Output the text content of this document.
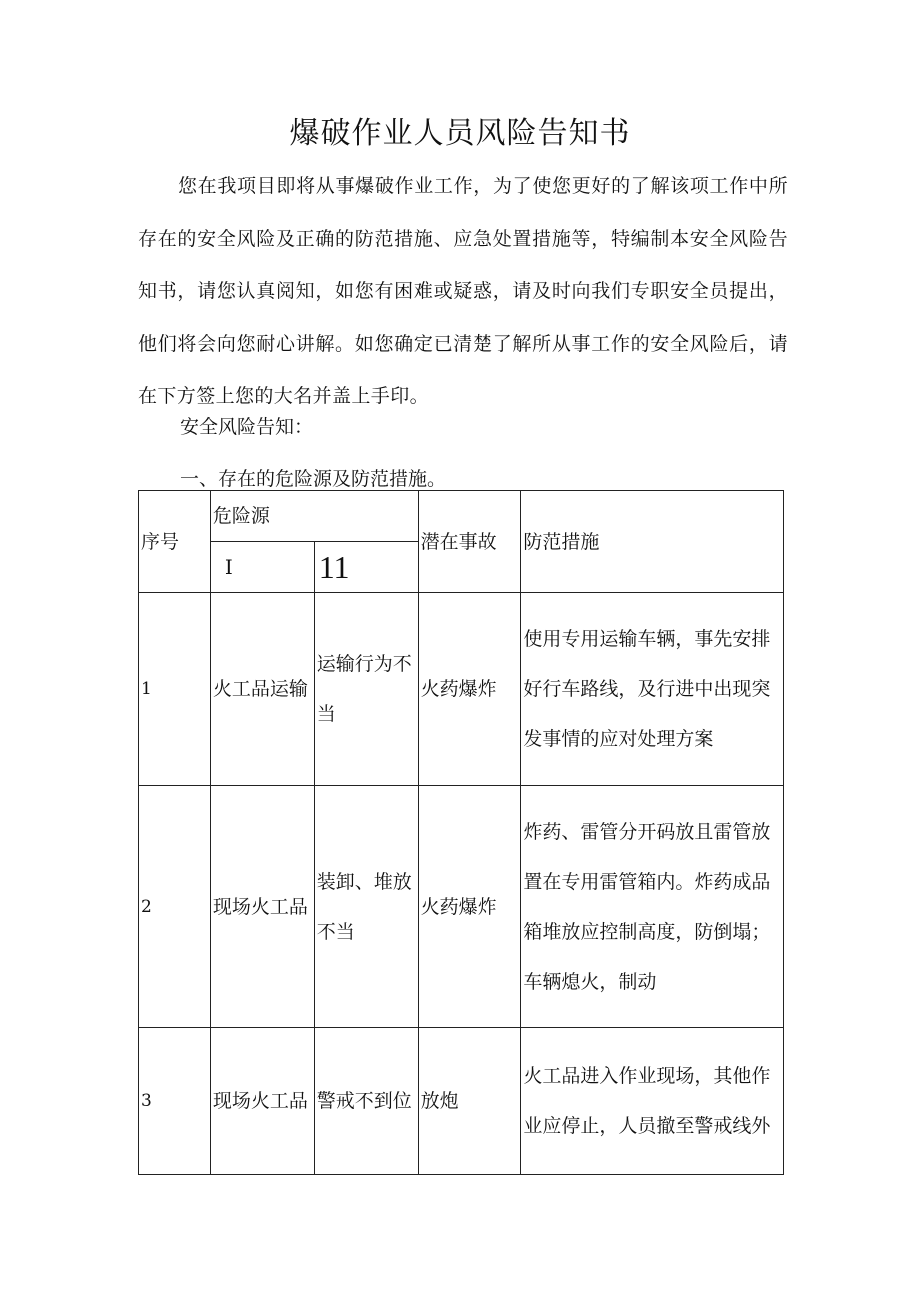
爆破作业人员风险告知书

您在我项目即将从事爆破作业工作，为了使您更好的了解该项工作中所存在的安全风险及正确的防范措施、应急处置措施等，特编制本安全风险告知书，请您认真阅知，如您有困难或疑惑，请及时向我们专职安全员提出，他们将会向您耐心讲解。如您确定已清楚了解所从事工作的安全风险后，请在下方签上您的大名并盖上手印。

安全风险告知：

一、存在的危险源及防范措施。

序号	危险源		潜在事故	防范措施
	I	11		
1	火工品运输	运输行为不当	火药爆炸	使用专用运输车辆，事先安排好行车路线，及行进中出现突发事情的应对处理方案
2	现场火工品	装卸、堆放不当	火药爆炸	炸药、雷管分开码放且雷管放置在专用雷管箱内。炸药成品箱堆放应控制高度，防倒塌；车辆熄火，制动
3	现场火工品	警戒不到位	放炮	火工品进入作业现场，其他作业应停止，人员撤至警戒线外
